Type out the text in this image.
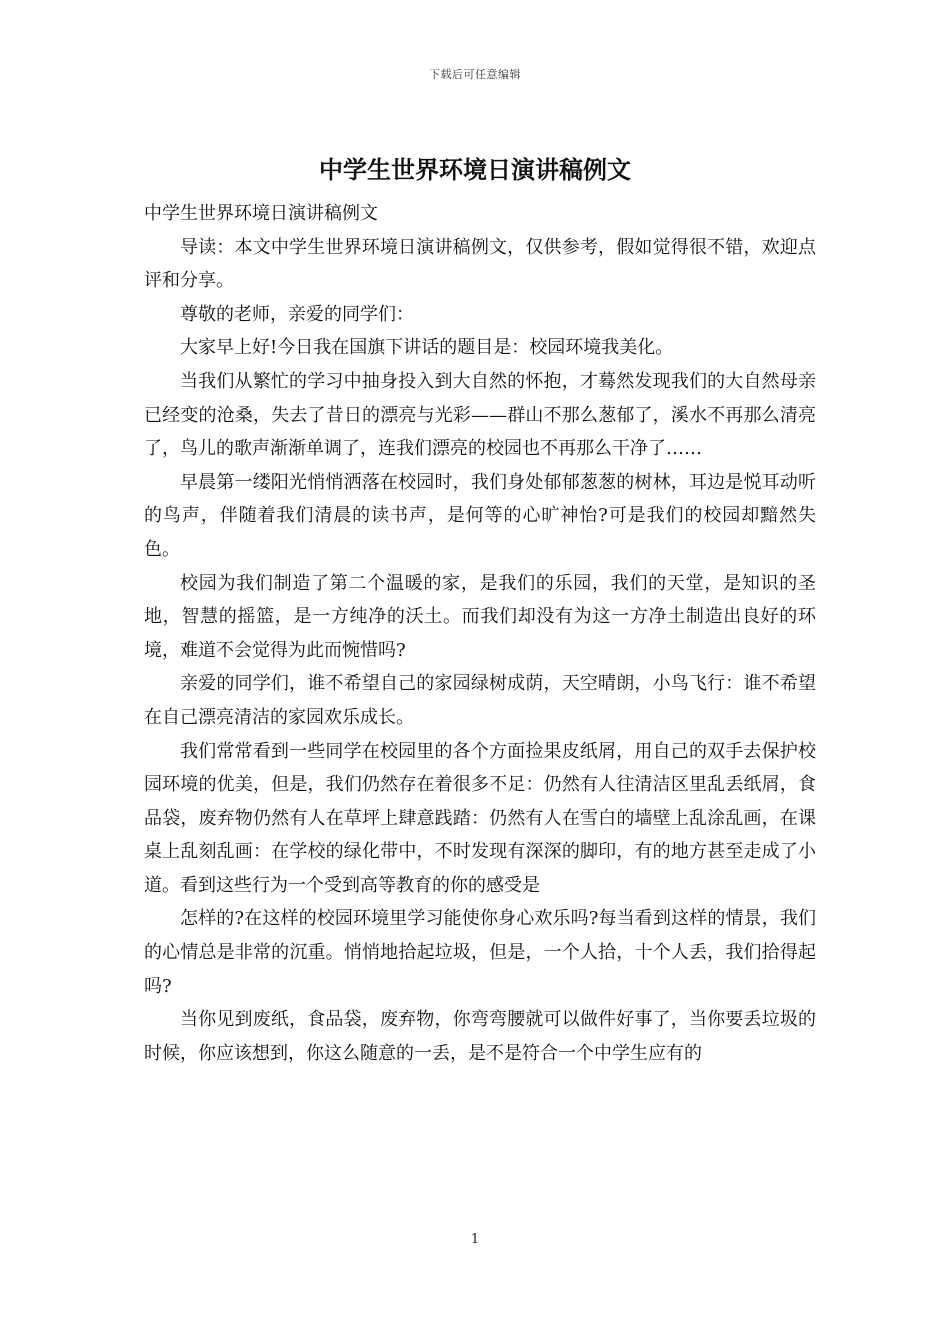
下载后可任意编辑
中学生世界环境日演讲稿例文

中学生世界环境日演讲稿例文

导读：本文中学生世界环境日演讲稿例文，仅供参考，假如觉得很不错，欢迎点评和分享。

尊敬的老师，亲爱的同学们：

大家早上好!今日我在国旗下讲话的题目是：校园环境我美化。

当我们从繁忙的学习中抽身投入到大自然的怀抱，才蓦然发现我们的大自然母亲已经变的沧桑，失去了昔日的漂亮与光彩——群山不那么葱郁了，溪水不再那么清亮了，鸟儿的歌声渐渐单调了，连我们漂亮的校园也不再那么干净了……

早晨第一缕阳光悄悄洒落在校园时，我们身处郁郁葱葱的树林，耳边是悦耳动听的鸟声，伴随着我们清晨的读书声，是何等的心旷神怡?可是我们的校园却黯然失色。

校园为我们制造了第二个温暖的家，是我们的乐园，我们的天堂，是知识的圣地，智慧的摇篮，是一方纯净的沃土。而我们却没有为这一方净土制造出良好的环境，难道不会觉得为此而惋惜吗?

亲爱的同学们，谁不希望自己的家园绿树成荫，天空晴朗，小鸟飞行：谁不希望在自己漂亮清洁的家园欢乐成长。

我们常常看到一些同学在校园里的各个方面捡果皮纸屑，用自己的双手去保护校园环境的优美，但是，我们仍然存在着很多不足：仍然有人往清洁区里乱丢纸屑，食品袋，废弃物仍然有人在草坪上肆意践踏：仍然有人在雪白的墙壁上乱涂乱画，在课桌上乱刻乱画：在学校的绿化带中，不时发现有深深的脚印，有的地方甚至走成了小道。看到这些行为一个受到高等教育的你的感受是

怎样的?在这样的校园环境里学习能使你身心欢乐吗?每当看到这样的情景，我们的心情总是非常的沉重。悄悄地拾起垃圾，但是，一个人拾，十个人丢，我们拾得起吗?

当你见到废纸，食品袋，废弃物，你弯弯腰就可以做件好事了，当你要丢垃圾的时候，你应该想到，你这么随意的一丢，是不是符合一个中学生应有的

1
